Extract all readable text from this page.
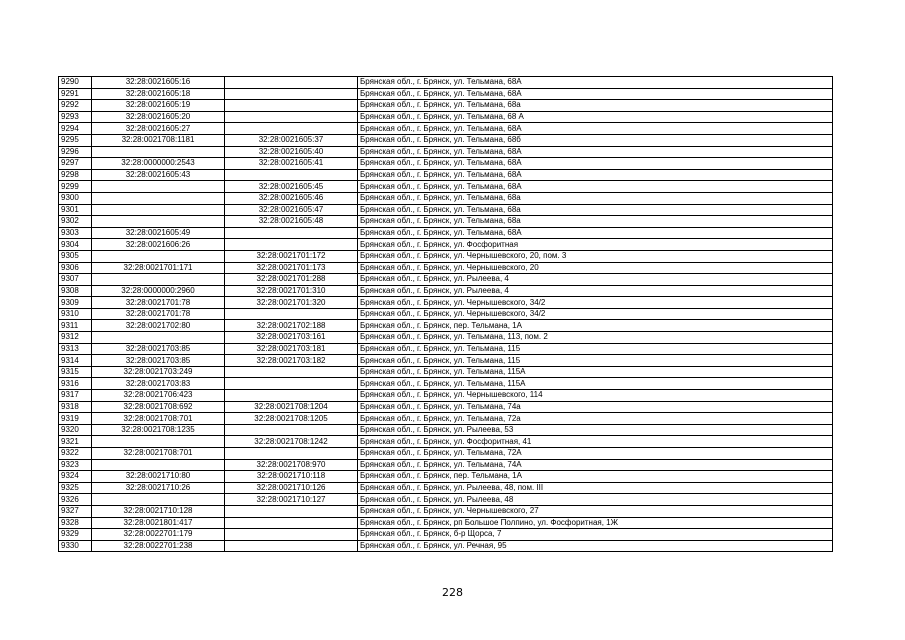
9290	32:28:0021605:16		Брянская обл., г. Брянск, ул. Тельмана, 68А
9291	32:28:0021605:18		Брянская обл., г. Брянск, ул. Тельмана, 68А
9292	32:28:0021605:19		Брянская обл., г. Брянск, ул. Тельмана, 68а
9293	32:28:0021605:20		Брянская обл., г. Брянск, ул. Тельмана, 68 А
9294	32:28:0021605:27		Брянская обл., г. Брянск, ул. Тельмана, 68А
9295	32:28:0021708:1181	32:28:0021605:37	Брянская обл., г. Брянск, ул. Тельмана, 68б
9296		32:28:0021605:40	Брянская обл., г. Брянск, ул. Тельмана, 68А
9297	32:28:0000000:2543	32:28:0021605:41	Брянская обл., г. Брянск, ул. Тельмана, 68А
9298	32:28:0021605:43		Брянская обл., г. Брянск, ул. Тельмана, 68А
9299		32:28:0021605:45	Брянская обл., г. Брянск, ул. Тельмана, 68А
9300		32:28:0021605:46	Брянская обл., г. Брянск, ул. Тельмана, 68а
9301		32:28:0021605:47	Брянская обл., г. Брянск, ул. Тельмана, 68а
9302		32:28:0021605:48	Брянская обл., г. Брянск, ул. Тельмана, 68а
9303	32:28:0021605:49		Брянская обл., г. Брянск, ул. Тельмана, 68А
9304	32:28:0021606:26		Брянская обл., г. Брянск, ул. Фосфоритная
9305		32:28:0021701:172	Брянская обл., г. Брянск, ул. Чернышевского, 20, пом. 3
9306	32:28:0021701:171	32:28:0021701:173	Брянская обл., г. Брянск, ул. Чернышевского, 20
9307		32:28:0021701:288	Брянская обл., г. Брянск, ул. Рылеева, 4
9308	32:28:0000000:2960	32:28:0021701:310	Брянская обл., г. Брянск, ул. Рылеева, 4
9309	32:28:0021701:78	32:28:0021701:320	Брянская обл., г. Брянск, ул. Чернышевского, 34/2
9310	32:28:0021701:78		Брянская обл., г. Брянск, ул. Чернышевского, 34/2
9311	32:28:0021702:80	32:28:0021702:188	Брянская обл., г. Брянск, пер. Тельмана, 1А
9312		32:28:0021703:161	Брянская обл., г. Брянск, ул. Тельмана, 113, пом. 2
9313	32:28:0021703:85	32:28:0021703:181	Брянская обл., г. Брянск, ул. Тельмана, 115
9314	32:28:0021703:85	32:28:0021703:182	Брянская обл., г. Брянск, ул. Тельмана, 115
9315	32:28:0021703:249		Брянская обл., г. Брянск, ул. Тельмана, 115А
9316	32:28:0021703:83		Брянская обл., г. Брянск, ул. Тельмана, 115А
9317	32:28:0021706:423		Брянская обл., г. Брянск, ул. Чернышевского, 114
9318	32:28:0021708:692	32:28:0021708:1204	Брянская обл., г. Брянск, ул. Тельмана, 74а
9319	32:28:0021708:701	32:28:0021708:1205	Брянская обл., г. Брянск, ул. Тельмана, 72а
9320	32:28:0021708:1235		Брянская обл., г. Брянск, ул. Рылеева, 53
9321		32:28:0021708:1242	Брянская обл., г. Брянск, ул. Фосфоритная, 41
9322	32:28:0021708:701		Брянская обл., г. Брянск, ул. Тельмана, 72А
9323		32:28:0021708:970	Брянская обл., г. Брянск, ул. Тельмана, 74А
9324	32:28:0021710:80	32:28:0021710:118	Брянская обл., г. Брянск, пер. Тельмана, 1А
9325	32:28:0021710:26	32:28:0021710:126	Брянская обл., г. Брянск, ул. Рылеева, 48, пом. III
9326		32:28:0021710:127	Брянская обл., г. Брянск, ул. Рылеева, 48
9327	32:28:0021710:128		Брянская обл., г. Брянск, ул. Чернышевского, 27
9328	32:28:0021801:417		Брянская обл., г. Брянск, рп Большое Полпино, ул. Фосфоритная, 1Ж
9329	32:28:0022701:179		Брянская обл., г. Брянск, б-р Щорса, 7
9330	32:28:0022701:238		Брянская обл., г. Брянск, ул. Речная, 95
228
